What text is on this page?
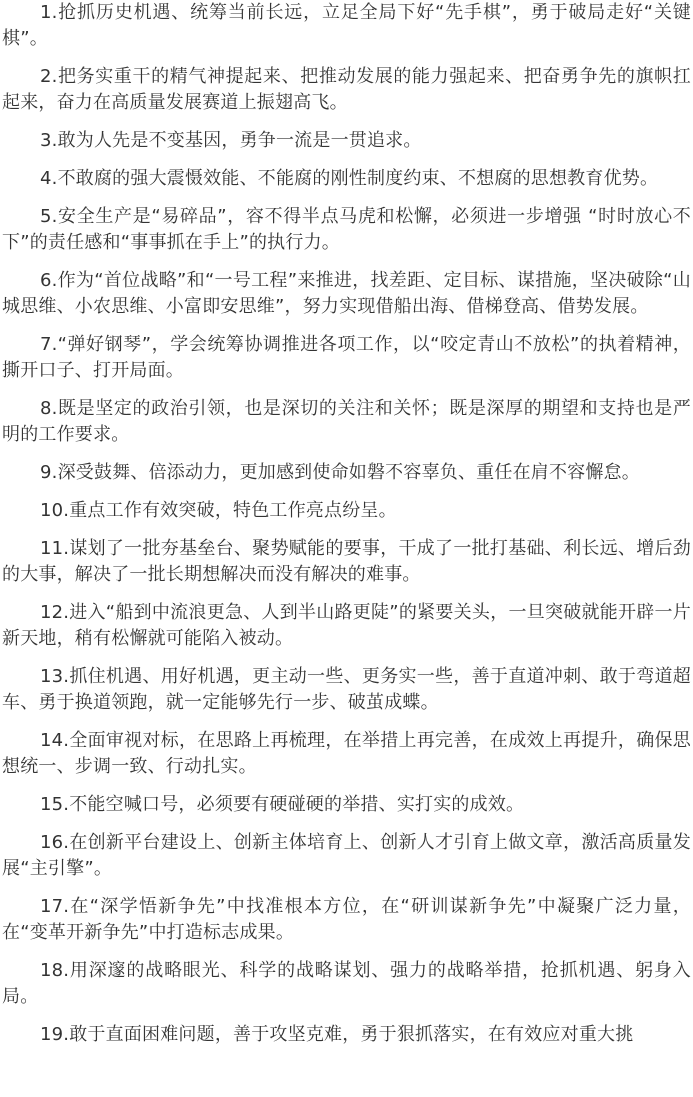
1.抢抓历史机遇、统筹当前长远，立足全局下好“先手棋”，勇于破局走好“关键棋”。

2.把务实重干的精气神提起来、把推动发展的能力强起来、把奋勇争先的旗帜扛起来，奋力在高质量发展赛道上振翅高飞。

3.敢为人先是不变基因，勇争一流是一贯追求。

4.不敢腐的强大震慑效能、不能腐的刚性制度约束、不想腐的思想教育优势。

5.安全生产是“易碎品”，容不得半点马虎和松懈，必须进一步增强 “时时放心不下”的责任感和“事事抓在手上”的执行力。

6.作为“首位战略”和“一号工程”来推进，找差距、定目标、谋措施，坚决破除“山城思维、小农思维、小富即安思维”，努力实现借船出海、借梯登高、借势发展。

7.“弹好钢琴”，学会统筹协调推进各项工作，以“咬定青山不放松”的执着精神，撕开口子、打开局面。

8.既是坚定的政治引领，也是深切的关注和关怀；既是深厚的期望和支持也是严明的工作要求。

9.深受鼓舞、倍添动力，更加感到使命如磐不容辜负、重任在肩不容懈怠。

10.重点工作有效突破，特色工作亮点纷呈。

11.谋划了一批夯基垒台、聚势赋能的要事，干成了一批打基础、利长远、增后劲的大事，解决了一批长期想解决而没有解决的难事。

12.进入“船到中流浪更急、人到半山路更陡”的紧要关头，一旦突破就能开辟一片新天地，稍有松懈就可能陷入被动。

13.抓住机遇、用好机遇，更主动一些、更务实一些，善于直道冲刺、敢于弯道超车、勇于换道领跑，就一定能够先行一步、破茧成蝶。

14.全面审视对标，在思路上再梳理，在举措上再完善，在成效上再提升，确保思想统一、步调一致、行动扎实。

15.不能空喊口号，必须要有硬碰硬的举措、实打实的成效。

16.在创新平台建设上、创新主体培育上、创新人才引育上做文章，激活高质量发展“主引擎”。

17.在“深学悟新争先”中找准根本方位，在“研训谋新争先”中凝聚广泛力量，在“变革开新争先”中打造标志成果。

18.用深邃的战略眼光、科学的战略谋划、强力的战略举措，抢抓机遇、躬身入局。

19.敢于直面困难问题，善于攻坚克难，勇于狠抓落实，在有效应对重大挑
